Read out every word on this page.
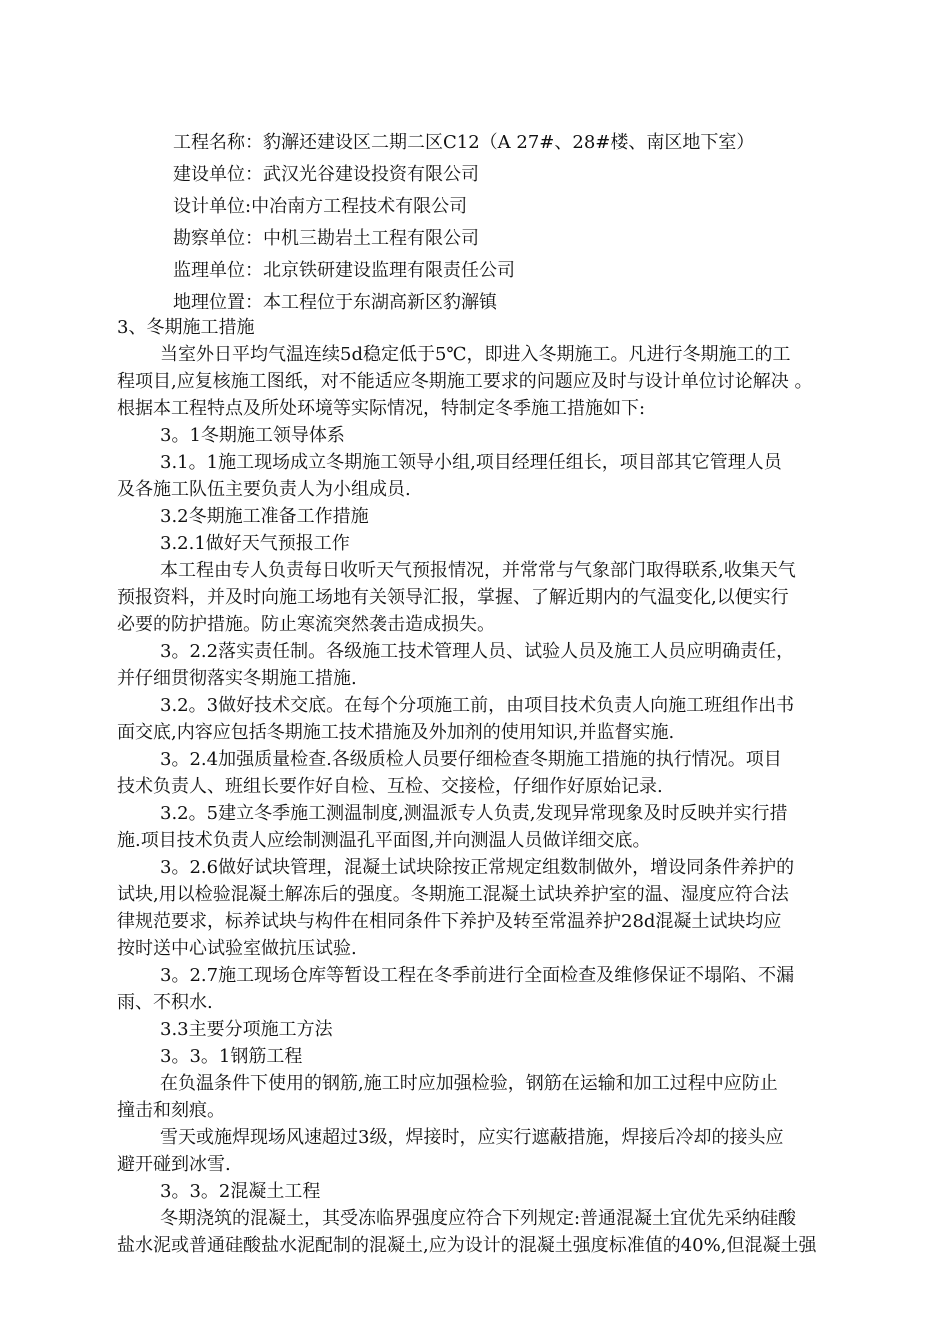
工程名称：豹澥还建设区二期二区C12（A 27#、28#楼、南区地下室）
建设单位：武汉光谷建设投资有限公司
设计单位:中冶南方工程技术有限公司
勘察单位：中机三勘岩土工程有限公司
监理单位：北京铁研建设监理有限责任公司
地理位置：本工程位于东湖高新区豹澥镇
3、冬期施工措施
当室外日平均气温连续5d稳定低于5℃，即进入冬期施工。凡进行冬期施工的工
程项目,应复核施工图纸，对不能适应冬期施工要求的问题应及时与设计单位讨论解决 。
根据本工程特点及所处环境等实际情况，特制定冬季施工措施如下:
3。1冬期施工领导体系
3.1。1施工现场成立冬期施工领导小组,项目经理任组长，项目部其它管理人员
及各施工队伍主要负责人为小组成员.
3.2冬期施工准备工作措施
3.2.1做好天气预报工作
本工程由专人负责每日收听天气预报情况，并常常与气象部门取得联系,收集天气
预报资料，并及时向施工场地有关领导汇报，掌握、了解近期内的气温变化,以便实行
必要的防护措施。防止寒流突然袭击造成损失。
3。2.2落实责任制。各级施工技术管理人员、试验人员及施工人员应明确责任，
并仔细贯彻落实冬期施工措施.
3.2。3做好技术交底。在每个分项施工前，由项目技术负责人向施工班组作出书
面交底,内容应包括冬期施工技术措施及外加剂的使用知识,并监督实施.
3。2.4加强质量检查.各级质检人员要仔细检查冬期施工措施的执行情况。项目
技术负责人、班组长要作好自检、互检、交接检，仔细作好原始记录.
3.2。5建立冬季施工测温制度,测温派专人负责,发现异常现象及时反映并实行措
施.项目技术负责人应绘制测温孔平面图,并向测温人员做详细交底。
3。2.6做好试块管理，混凝土试块除按正常规定组数制做外，增设同条件养护的
试块,用以检验混凝土解冻后的强度。冬期施工混凝土试块养护室的温、湿度应符合法
律规范要求，标养试块与构件在相同条件下养护及转至常温养护28d混凝土试块均应
按时送中心试验室做抗压试验.
3。2.7施工现场仓库等暂设工程在冬季前进行全面检查及维修保证不塌陷、不漏
雨、不积水.
3.3主要分项施工方法
3。3。1钢筋工程
在负温条件下使用的钢筋,施工时应加强检验，钢筋在运输和加工过程中应防止
撞击和刻痕。
雪天或施焊现场风速超过3级，焊接时，应实行遮蔽措施，焊接后冷却的接头应
避开碰到冰雪.
3。3。2混凝土工程
冬期浇筑的混凝土，其受冻临界强度应符合下列规定:普通混凝土宜优先采纳硅酸
盐水泥或普通硅酸盐水泥配制的混凝土,应为设计的混凝土强度标准值的40%,但混凝土强
